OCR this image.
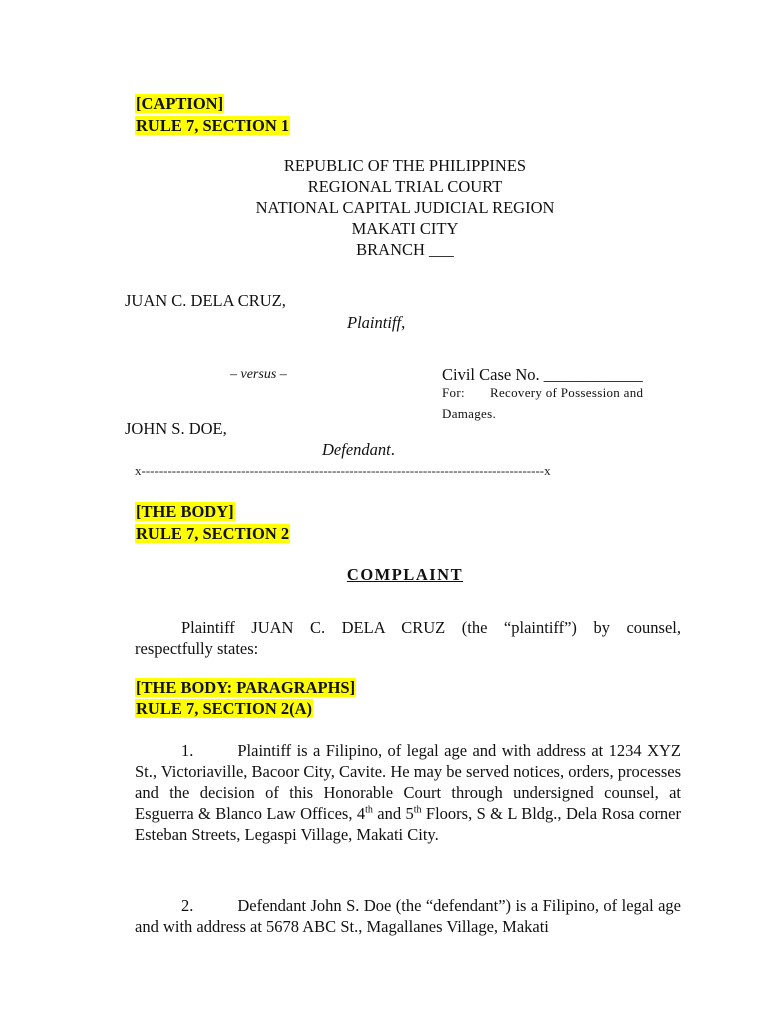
[CAPTION]
RULE 7, SECTION 1
REPUBLIC OF THE PHILIPPINES
REGIONAL TRIAL COURT
NATIONAL CAPITAL JUDICIAL REGION
MAKATI CITY
BRANCH ___
JUAN C. DELA CRUZ,
Plaintiff,
– versus –	Civil Case No. ____________
For: Recovery of Possession and
Damages.
JOHN S. DOE,
Defendant.
x---------------------------------------------------------------------------------------------x
[THE BODY]
RULE 7, SECTION 2
COMPLAINT
Plaintiff JUAN C. DELA CRUZ (the “plaintiff”) by counsel,
respectfully states:
[THE BODY: PARAGRAPHS]
RULE 7, SECTION 2(A)
1.	Plaintiff is a Filipino, of legal age and with address at 1234 XYZ St., Victoriaville, Bacoor City, Cavite. He may be served notices, orders, processes and the decision of this Honorable Court through undersigned counsel, at Esguerra & Blanco Law Offices, 4th and 5th Floors, S & L Bldg., Dela Rosa corner Esteban Streets, Legaspi Village, Makati City.
2.	Defendant John S. Doe (the “defendant”) is a Filipino, of legal age and with address at 5678 ABC St., Magallanes Village, Makati
